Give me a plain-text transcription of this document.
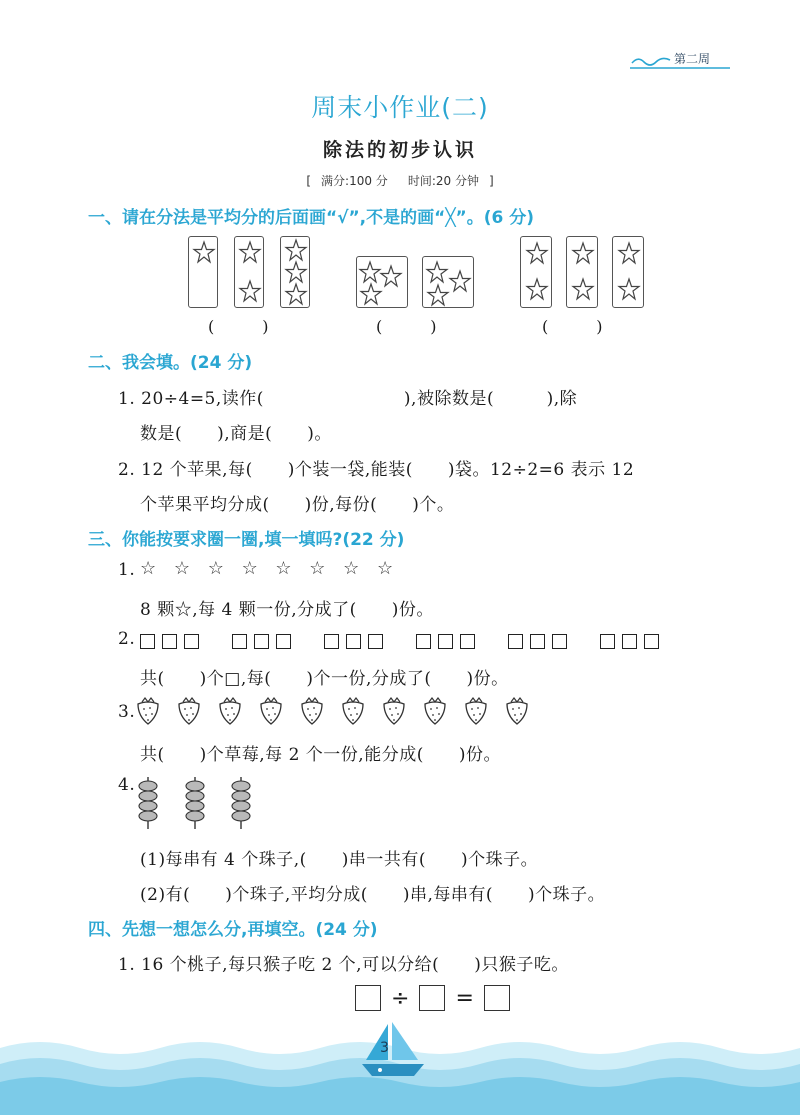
第二周
周末小作业(二)
除法的初步认识
[ 满分:100 分 时间:20 分钟 ]
一、请在分法是平均分的后面画“√”,不是的画“╳”。(6 分)
(　　　)	(　　　)	(　　　)
二、我会填。(24 分)
1. 20÷4=5,读作(　　　　　　　　),被除数是(　　　),除
数是(　　),商是(　　)。
2. 12 个苹果,每(　　)个装一袋,能装(　　)袋。12÷2=6 表示 12
个苹果平均分成(　　)份,每份(　　)个。
三、你能按要求圈一圈,填一填吗?(22 分)
1. ☆ ☆ ☆ ☆ ☆ ☆ ☆ ☆
8 颗☆,每 4 颗一份,分成了(　　)份。
2.
共(　　)个□,每(　　)个一份,分成了(　　)份。
3.
共(　　)个草莓,每 2 个一份,能分成(　　)份。
4.
(1)每串有 4 个珠子,(　　)串一共有(　　)个珠子。
(2)有(　　)个珠子,平均分成(　　)串,每串有(　　)个珠子。
四、先想一想怎么分,再填空。(24 分)
1. 16 个桃子,每只猴子吃 2 个,可以分给(　　)只猴子吃。
÷ =
3
